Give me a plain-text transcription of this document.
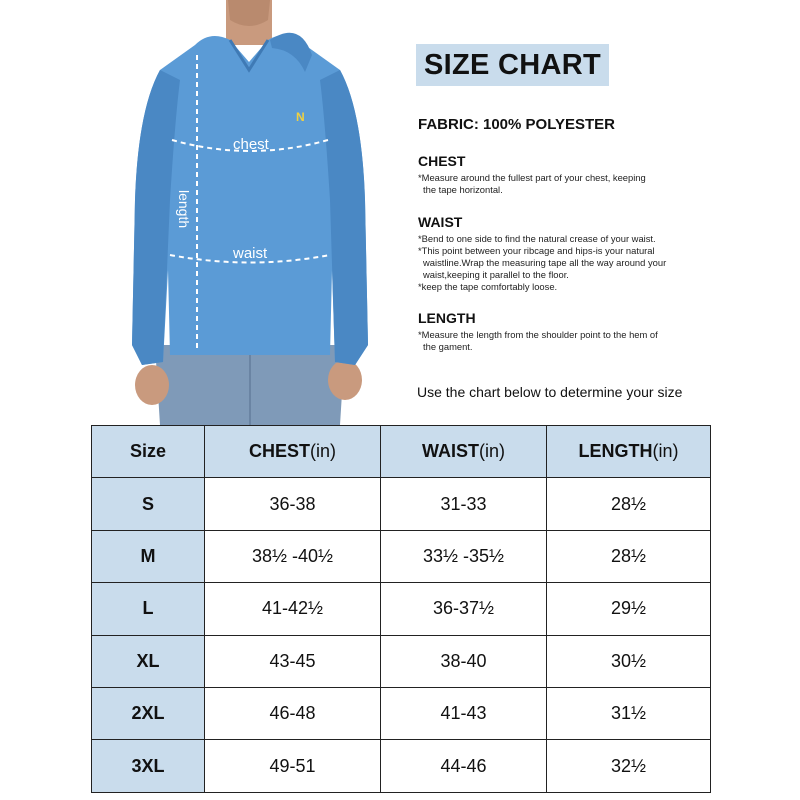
N
chest
length
waist
SIZE CHART
FABRIC: 100% POLYESTER
CHEST
*Measure around the fullest part of your chest, keeping
the tape horizontal.
WAIST
*Bend to one side to find the natural crease of your waist.
*This point between your ribcage and hips-is your natural
waistline.Wrap the measuring tape all the way around your
waist,keeping it parallel to the floor.
*keep the tape comfortably loose.
LENGTH
*Measure the length from the shoulder point to the hem of
the gament.
Use the chart below to determine your size
Size	CHEST(in)	WAIST(in)	LENGTH(in)
S	36-38	31-33	28½
M	38½ -40½	33½ -35½	28½
L	41-42½	36-37½	29½
XL	43-45	38-40	30½
2XL	46-48	41-43	31½
3XL	49-51	44-46	32½
